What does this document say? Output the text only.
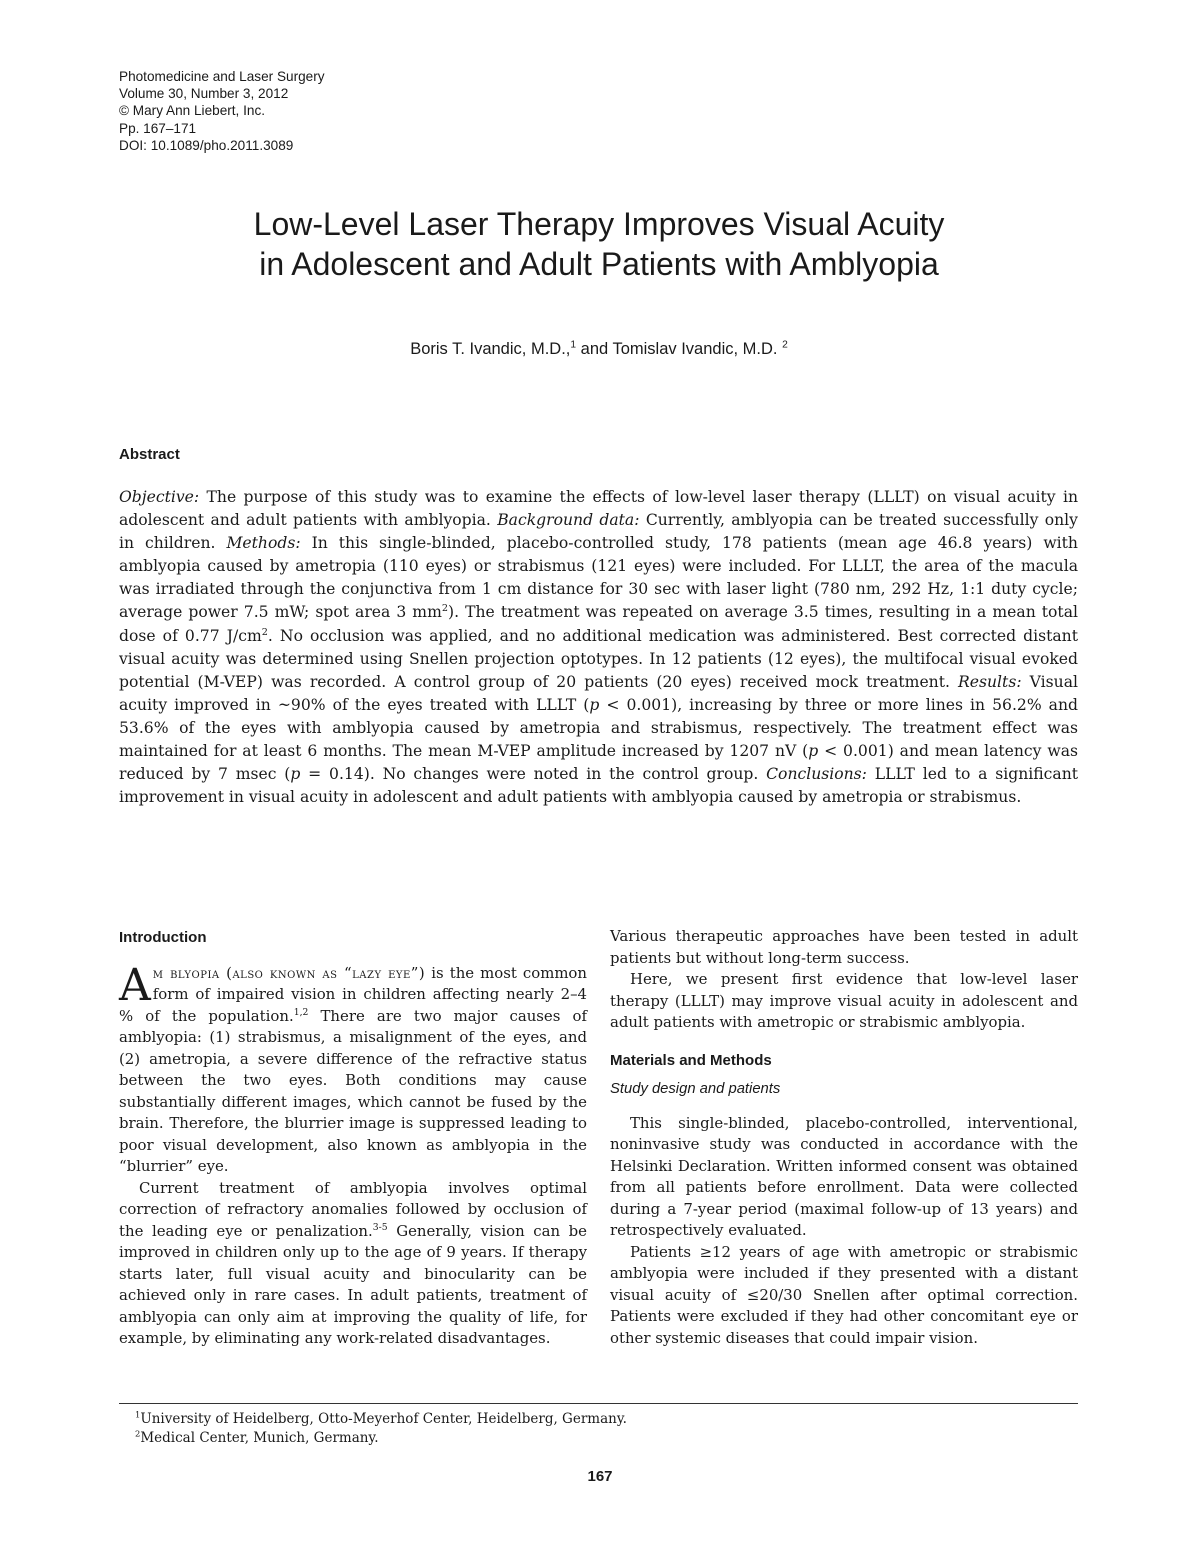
Photomedicine and Laser Surgery
Volume 30, Number 3, 2012
© Mary Ann Liebert, Inc.
Pp. 167–171
DOI: 10.1089/pho.2011.3089
Low-Level Laser Therapy Improves Visual Acuity
in Adolescent and Adult Patients with Amblyopia
Boris T. Ivandic, M.D.,$^1$ and Tomislav Ivandic, M.D. $^2$
Abstract
Objective: The purpose of this study was to examine the effects of low-level laser therapy (LLLT) on visual acuity in adolescent and adult patients with amblyopia. Background data: Currently, amblyopia can be treated successfully only in children. Methods: In this single-blinded, placebo-controlled study, 178 patients (mean age 46.8 years) with amblyopia caused by ametropia (110 eyes) or strabismus (121 eyes) were included. For LLLT, the area of the macula was irradiated through the conjunctiva from 1 cm distance for 30 sec with laser light (780 nm, 292 Hz, 1:1 duty cycle; average power 7.5 mW; spot area 3 $mm^2$). The treatment was repeated on average 3.5 times, resulting in a mean total dose of 0.77 $J/cm^2$. No occlusion was applied, and no additional medication was administered. Best corrected distant visual acuity was determined using Snellen projection optotypes. In 12 patients (12 eyes), the multifocal visual evoked potential (M-VEP) was recorded. A control group of 20 patients (20 eyes) received mock treatment. Results: Visual acuity improved in ~90% of the eyes treated with LLLT (p < 0.001), increasing by three or more lines in 56.2% and 53.6% of the eyes with amblyopia caused by ametropia and strabismus, respectively. The treatment effect was maintained for at least 6 months. The mean M-VEP amplitude increased by 1207 nV (p < 0.001) and mean latency was reduced by 7 msec (p = 0.14). No changes were noted in the control group. Conclusions: LLLT led to a significant improvement in visual acuity in adolescent and adult patients with amblyopia caused by ametropia or strabismus.
Introduction

Am blyopia (also known as “lazy eye”) is the most common form of impaired vision in children affecting nearly 2–4 % of the population.$^{1,2}$ There are two major causes of amblyopia: (1) strabismus, a misalignment of the eyes, and (2) ametropia, a severe difference of the refractive status between the two eyes. Both conditions may cause substantially different images, which cannot be fused by the brain. Therefore, the blurrier image is suppressed leading to poor visual development, also known as amblyopia in the “blurrier” eye.

Current treatment of amblyopia involves optimal correction of refractory anomalies followed by occlusion of the leading eye or penalization.$^{3-5}$ Generally, vision can be improved in children only up to the age of 9 years. If therapy starts later, full visual acuity and binocularity can be achieved only in rare cases. In adult patients, treatment of amblyopia can only aim at improving the quality of life, for example, by eliminating any work-related disadvantages.

Various therapeutic approaches have been tested in adult patients but without long-term success.

Here, we present first evidence that low-level laser therapy (LLLT) may improve visual acuity in adolescent and adult patients with ametropic or strabismic amblyopia.

Materials and Methods
Study design and patients

This single-blinded, placebo-controlled, interventional, noninvasive study was conducted in accordance with the Helsinki Declaration. Written informed consent was obtained from all patients before enrollment. Data were collected during a 7-year period (maximal follow-up of 13 years) and retrospectively evaluated.

Patients ≥12 years of age with ametropic or strabismic amblyopia were included if they presented with a distant visual acuity of ≤20/30 Snellen after optimal correction. Patients were excluded if they had other concomitant eye or other systemic diseases that could impair vision.

$^1$University of Heidelberg, Otto-Meyerhof Center, Heidelberg, Germany.
$^2$Medical Center, Munich, Germany.
167
